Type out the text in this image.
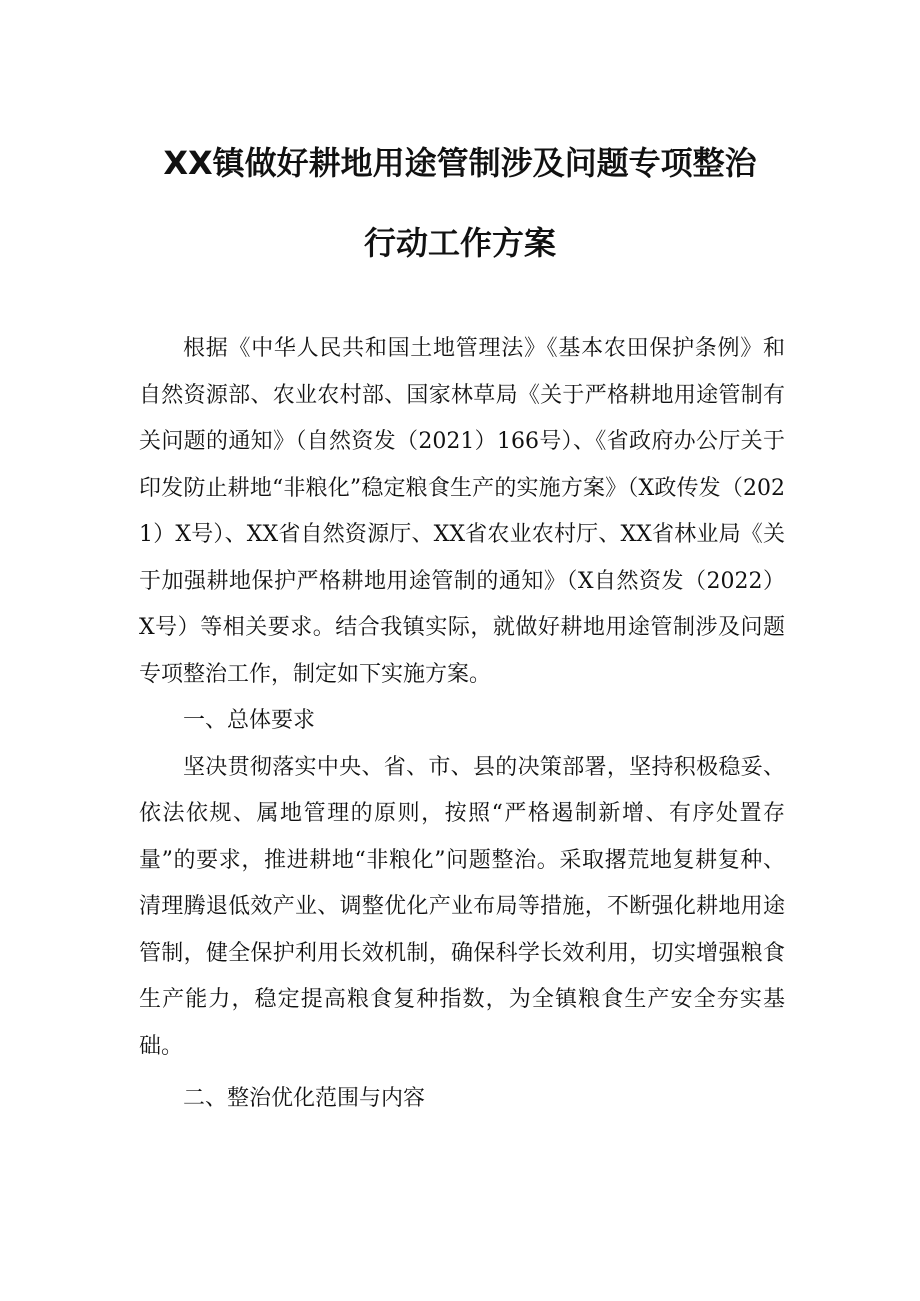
XX镇做好耕地用途管制涉及问题专项整治
行动工作方案

根据《中华人民共和国土地管理法》《基本农田保护条例》和自然资源部、农业农村部、国家林草局《关于严格耕地用途管制有关问题的通知》（自然资发（2021）166号）、《省政府办公厅关于印发防止耕地“非粮化”稳定粮食生产的实施方案》（X政传发（2021）X号）、XX省自然资源厅、XX省农业农村厅、XX省林业局《关于加强耕地保护严格耕地用途管制的通知》（X自然资发（2022）X号）等相关要求。结合我镇实际，就做好耕地用途管制涉及问题专项整治工作，制定如下实施方案。

一、总体要求

坚决贯彻落实中央、省、市、县的决策部署，坚持积极稳妥、依法依规、属地管理的原则，按照“严格遏制新增、有序处置存量”的要求，推进耕地“非粮化”问题整治。采取撂荒地复耕复种、清理腾退低效产业、调整优化产业布局等措施，不断强化耕地用途管制，健全保护利用长效机制，确保科学长效利用，切实增强粮食生产能力，稳定提高粮食复种指数，为全镇粮食生产安全夯实基础。

二、整治优化范围与内容
